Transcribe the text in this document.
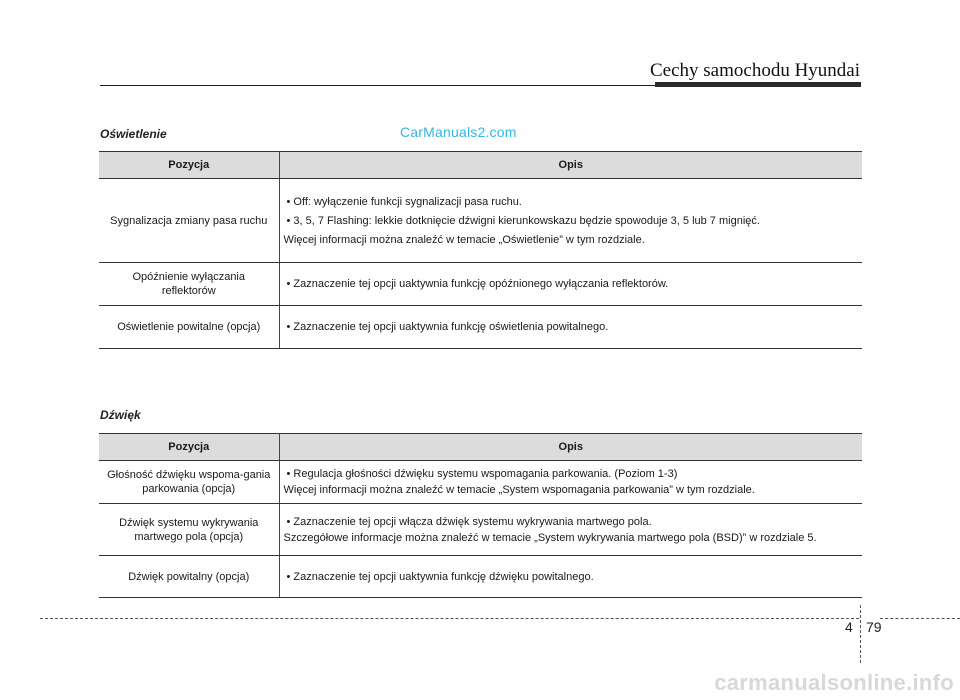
Cechy samochodu Hyundai
Oświetlenie	CarManuals2.com
Pozycja	Opis
Sygnalizacja zmiany pasa ruchu	• Off: wyłączenie funkcji sygnalizacji pasa ruchu.
• 3, 5, 7 Flashing: lekkie dotknięcie dźwigni kierunkowskazu będzie spowoduje 3, 5 lub 7 mignięć.
Więcej informacji można znaleźć w temacie „Oświetlenie” w tym rozdziale.

Opóźnienie wyłączania reflektorów	• Zaznaczenie tej opcji uaktywnia funkcję opóźnionego wyłączania reflektorów.

Oświetlenie powitalne (opcja)	• Zaznaczenie tej opcji uaktywnia funkcję oświetlenia powitalnego.
Dźwięk
Pozycja	Opis
Głośność dźwięku wspoma-gania parkowania (opcja)	• Regulacja głośności dźwięku systemu wspomagania parkowania. (Poziom 1-3)
Więcej informacji można znaleźć w temacie „System wspomagania parkowania” w tym rozdziale.

Dźwięk systemu wykrywania martwego pola (opcja)	• Zaznaczenie tej opcji włącza dźwięk systemu wykrywania martwego pola.
Szczegółowe informacje można znaleźć w temacie „System wykrywania martwego pola (BSD)” w rozdziale 5.

Dźwięk powitalny (opcja)	• Zaznaczenie tej opcji uaktywnia funkcję dźwięku powitalnego.
4 79
carmanualsonline.info
